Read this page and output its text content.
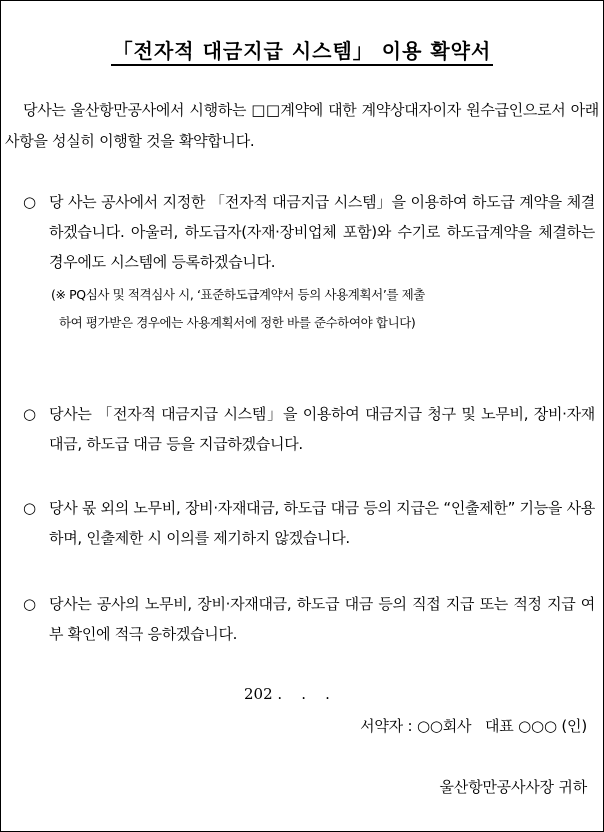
「전자적 대금지급 시스템」 이용 확약서
당사는 울산항만공사에서 시행하는 □□계약에 대한 계약상대자이자 원수급인으로서 아래 사항을 성실히 이행할 것을 확약합니다.
○ 당 사는 공사에서 지정한 「전자적 대금지급 시스템」을 이용하여 하도급 계약을 체결하겠습니다. 아울러, 하도급자(자재·장비업체 포함)와 수기로 하도급계약을 체결하는 경우에도 시스템에 등록하겠습니다.
(※ PQ심사 및 적격심사 시, ‘표준하도급계약서 등의 사용계획서’를 제출
하여 평가받은 경우에는 사용계획서에 정한 바를 준수하여야 합니다)
○ 당사는 「전자적 대금지급 시스템」을 이용하여 대금지급 청구 및 노무비, 장비·자재대금, 하도급 대금 등을 지급하겠습니다.
○ 당사 몫 외의 노무비, 장비·자재대금, 하도급 대금 등의 지급은 “인출제한” 기능을 사용하며, 인출제한 시 이의를 제기하지 않겠습니다.
○ 당사는 공사의 노무비, 장비·자재대금, 하도급 대금 등의 직접 지급 또는 적정 지급 여부 확인에 적극 응하겠습니다.
202 .    .    .
서약자 : ○○회사   대표 ○○○ (인)
울산항만공사사장 귀하
